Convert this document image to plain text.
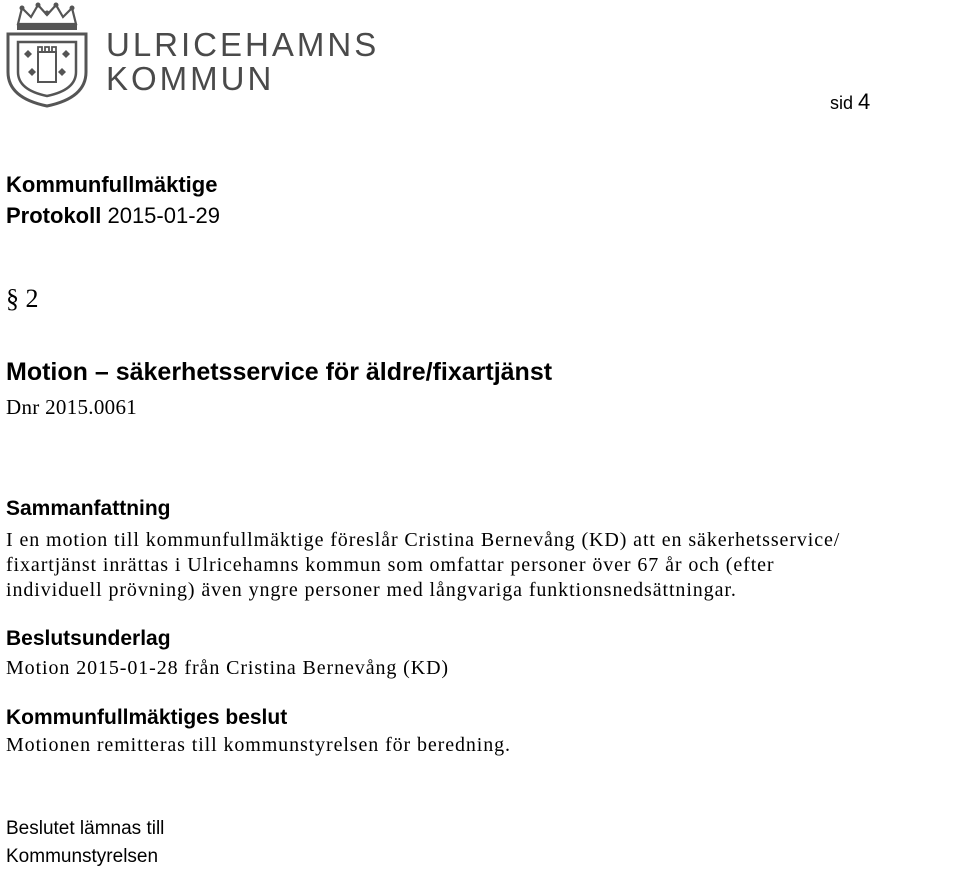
ULRICEHAMNS
KOMMUN
sid 4
Kommunfullmäktige
Protokoll 2015-01-29
§ 2
Motion – säkerhetsservice för äldre/fixartjänst
Dnr 2015.0061
Sammanfattning
I en motion till kommunfullmäktige föreslår Cristina Bernevång (KD) att en säkerhetsservice/
fixartjänst inrättas i Ulricehamns kommun som omfattar personer över 67 år och (efter
individuell prövning) även yngre personer med långvariga funktionsnedsättningar.
Beslutsunderlag
Motion 2015-01-28 från Cristina Bernevång (KD)
Kommunfullmäktiges beslut
Motionen remitteras till kommunstyrelsen för beredning.
Beslutet lämnas till
Kommunstyrelsen
